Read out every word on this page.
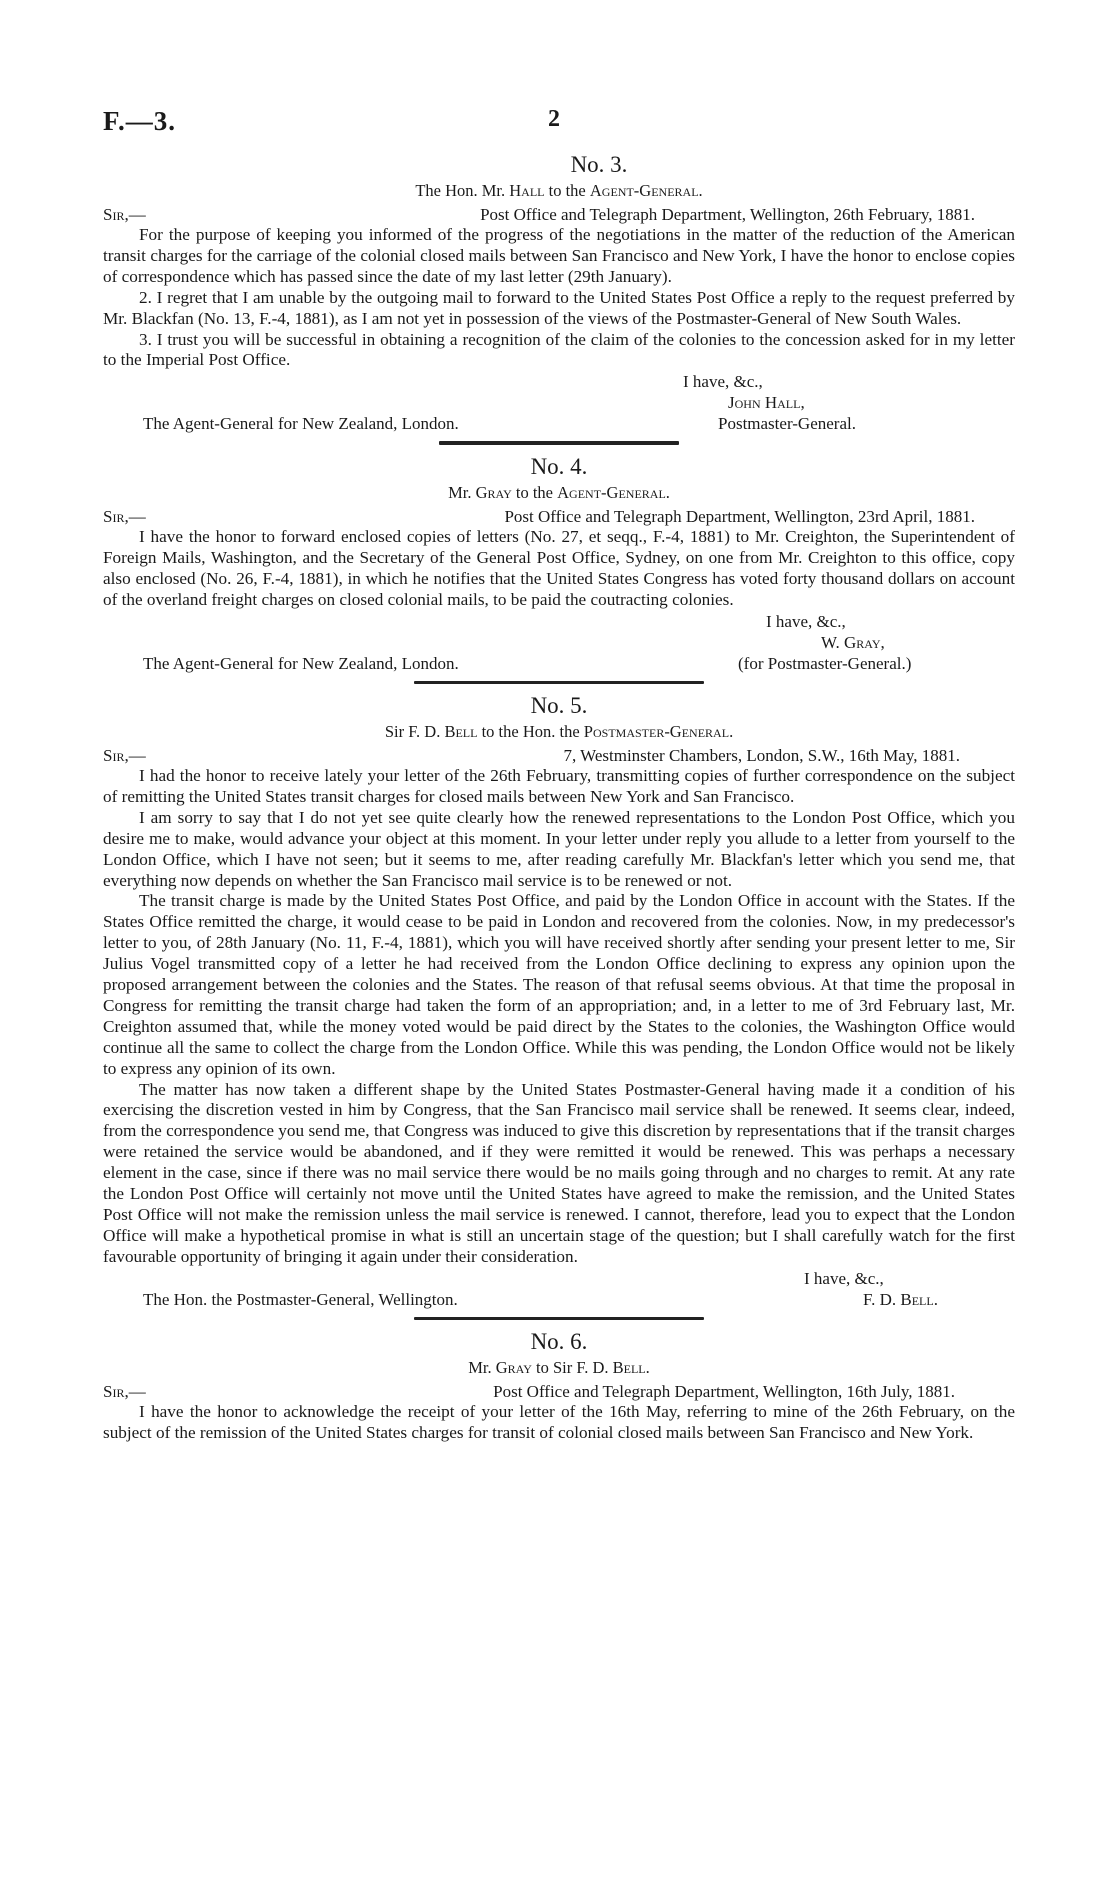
F.—3.	2
No. 3.
The Hon. Mr. Hall to the Agent-General.
Sir,—	Post Office and Telegraph Department, Wellington, 26th February, 1881.

For the purpose of keeping you informed of the progress of the negotiations in the matter of the reduction of the American transit charges for the carriage of the colonial closed mails between San Francisco and New York, I have the honor to enclose copies of correspondence which has passed since the date of my last letter (29th January).

2. I regret that I am unable by the outgoing mail to forward to the United States Post Office a reply to the request preferred by Mr. Blackfan (No. 13, F.-4, 1881), as I am not yet in possession of the views of the Postmaster-General of New South Wales.

3. I trust you will be successful in obtaining a recognition of the claim of the colonies to the concession asked for in my letter to the Imperial Post Office.

I have, &c.,
John Hall,
The Agent-General for New Zealand, London.	Postmaster-General.
No. 4.
Mr. Gray to the Agent-General.
Sir,—	Post Office and Telegraph Department, Wellington, 23rd April, 1881.

I have the honor to forward enclosed copies of letters (No. 27, et seqq., F.-4, 1881) to Mr. Creighton, the Superintendent of Foreign Mails, Washington, and the Secretary of the General Post Office, Sydney, on one from Mr. Creighton to this office, copy also enclosed (No. 26, F.-4, 1881), in which he notifies that the United States Congress has voted forty thousand dollars on account of the overland freight charges on closed colonial mails, to be paid the coutracting colonies.

I have, &c.,
W. Gray,
The Agent-General for New Zealand, London.	(for Postmaster-General.)
No. 5.
Sir F. D. Bell to the Hon. the Postmaster-General.
Sir,—	7, Westminster Chambers, London, S.W., 16th May, 1881.

I had the honor to receive lately your letter of the 26th February, transmitting copies of further correspondence on the subject of remitting the United States transit charges for closed mails between New York and San Francisco.

I am sorry to say that I do not yet see quite clearly how the renewed representations to the London Post Office, which you desire me to make, would advance your object at this moment. In your letter under reply you allude to a letter from yourself to the London Office, which I have not seen; but it seems to me, after reading carefully Mr. Blackfan's letter which you send me, that everything now depends on whether the San Francisco mail service is to be renewed or not.

The transit charge is made by the United States Post Office, and paid by the London Office in account with the States. If the States Office remitted the charge, it would cease to be paid in London and recovered from the colonies. Now, in my predecessor's letter to you, of 28th January (No. 11, F.-4, 1881), which you will have received shortly after sending your present letter to me, Sir Julius Vogel transmitted copy of a letter he had received from the London Office declining to express any opinion upon the proposed arrangement between the colonies and the States. The reason of that refusal seems obvious. At that time the proposal in Congress for remitting the transit charge had taken the form of an appropriation; and, in a letter to me of 3rd February last, Mr. Creighton assumed that, while the money voted would be paid direct by the States to the colonies, the Washington Office would continue all the same to collect the charge from the London Office. While this was pending, the London Office would not be likely to express any opinion of its own.

The matter has now taken a different shape by the United States Postmaster-General having made it a condition of his exercising the discretion vested in him by Congress, that the San Francisco mail service shall be renewed. It seems clear, indeed, from the correspondence you send me, that Congress was induced to give this discretion by representations that if the transit charges were retained the service would be abandoned, and if they were remitted it would be renewed. This was perhaps a necessary element in the case, since if there was no mail service there would be no mails going through and no charges to remit. At any rate the London Post Office will certainly not move until the United States have agreed to make the remission, and the United States Post Office will not make the remission unless the mail service is renewed. I cannot, therefore, lead you to expect that the London Office will make a hypothetical promise in what is still an uncertain stage of the question; but I shall carefully watch for the first favourable opportunity of bringing it again under their consideration.

I have, &c.,
The Hon. the Postmaster-General, Wellington.	F. D. Bell.
No. 6.
Mr. Gray to Sir F. D. Bell.
Sir,—	Post Office and Telegraph Department, Wellington, 16th July, 1881.

I have the honor to acknowledge the receipt of your letter of the 16th May, referring to mine of the 26th February, on the subject of the remission of the United States charges for transit of colonial closed mails between San Francisco and New York.
